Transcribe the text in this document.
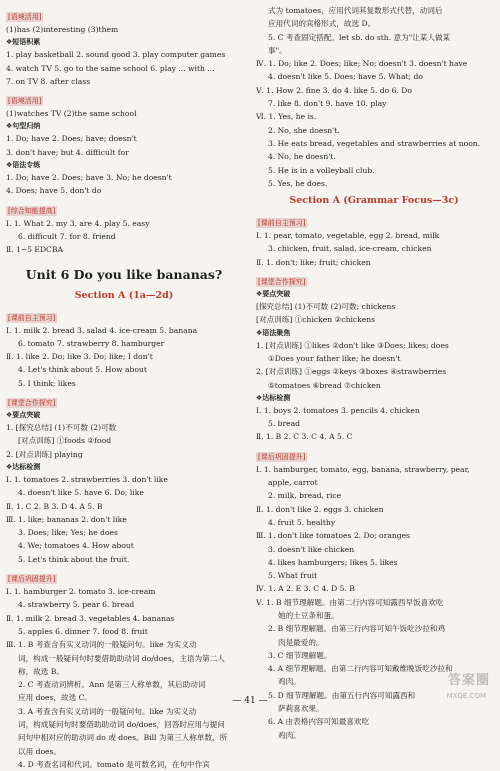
[语境活用]
(1)has (2)interesting (3)them
❖短语积累
1. play basketball 2. sound good 3. play computer games
4. watch TV 5. go to the same school 6. play ... with ...
7. on TV 8. after class
[语境活用]
(1)watches TV (2)the same school
❖句型归纳
1. Do; have 2. Does; have; doesn't
3. don't have; but 4. difficult for
❖语法专练
1. Do; have 2. Does; have 3. No; he doesn't
4. Does; have 5. don't do
[综合知能提高]
Ⅰ. 1. What 2. my 3. are 4. play 5. easy
6. difficult 7. for 8. friend
Ⅱ. 1~5 EDCBA
Unit 6 Do you like bananas?
Section A (1a—2d)
[课前自主预习]
Ⅰ. 1. milk 2. bread 3. salad 4. ice-cream 5. banana
6. tomato 7. strawberry 8. hamburger
Ⅱ. 1. like 2. Do; like 3. Do; like; I don't
4. Let's think about 5. How about
5. I think; likes
[课堂合作探究]
❖要点突破
1. [探究总结] (1)不可数 (2)可数
[对点训练] ①foods ②food
2. [对点训练] playing
❖达标检测
Ⅰ. 1. tomatoes 2. strawberries 3. don't like
4. doesn't like 5. have 6. Do; like
Ⅱ. 1. C 2. B 3. D 4. A 5. B
Ⅲ. 1. like; bananas 2. don't like
3. Does; like; Yes; he does
4. We; tomatoes 4. How about
5. Let's think about the fruit.
[课后巩固提升]
Ⅰ. 1. hamburger 2. tomato 3. ice-cream
4. strawberry 5. pear 6. bread
Ⅱ. 1. milk 2. bread 3. vegetables 4. bananas
5. apples 6. dinner 7. food 8. fruit
Ⅲ. 1. B 考查含有实义动词的一般疑问句。like 为实义动
词，构成一般疑问句时要借助助动词 do/does，主语为第二人
称，故选 B。
2. C 考查动词辨析。Ann 是第三人称单数，其后助动词
应用 does，故选 C。
3. A 考查含有实义动词的一般疑问句。like 为实义动
词，构成疑问句时要借助助动词 do/does，回答时应用与提问
问句中相对应的助动词 do 或 does。Bill 为第三人称单数，所
以用 does。
4. D 考查名词和代词。tomato 是可数名词，在句中作宾
式为 tomatoes，应用代词其复数形式代替，动词后
应用代词的宾格形式，故选 D。
5. C 考查固定搭配。let sb. do sth. 意为"让某人做某
事"。
Ⅳ. 1. Do; like 2. Does; like; No; doesn't 3. doesn't have
4. doesn't like 5. Does; have 5. What; do
Ⅴ. 1. How 2. fine 3. do 4. like 5. do 6. Do
7. like 8. don't 9. have 10. play
Ⅵ. 1. Yes, he is.
2. No, she doesn't.
3. He eats bread, vegetables and strawberries at noon.
4. No, he doesn't.
5. He is in a volleyball club.
5. Yes, he does.
Section A (Grammar Focus—3c)
[课前自主预习]
Ⅰ. 1. pear, tomato, vegetable, egg 2. bread, milk
3. chicken, fruit, salad, ice-cream, chicken
Ⅱ. 1. don't; like; fruit; chicken
[课堂合作探究]
❖要点突破
[探究总结] (1)不可数 (2)可数; chickens
[对点训练] ①chicken ②chickens
❖语法聚焦
1. [对点训练] ①likes ②don't like ③Does; likes; does
①Does your father like; he doesn't
2. [对点训练] ①eggs ②keys ③boxes ④strawberries
⑤tomatoes ⑥bread ⑦chicken
❖达标检测
Ⅰ. 1. boys 2. tomatoes 3. pencils 4. chicken
5. bread
Ⅱ. 1. B 2. C 3. C 4. A 5. C
[课后巩固提升]
Ⅰ. 1. hamburger, tomato, egg, banana, strawberry, pear,
apple, carrot
2. milk, bread, rice
Ⅱ. 1. don't like 2. eggs 3. chicken
4. fruit 5. healthy
Ⅲ. 1. don't like tomatoes 2. Do; oranges
3. doesn't like chicken
4. likes hamburgers; likes 5. likes
5. What fruit
Ⅳ. 1. A 2. E 3. C 4. D 5. B
Ⅴ. 1. B 细节理解题。由第二行内容可知露西早饭喜欢吃
她的土豆条和蛋。
2. B 细节理解题。由第三行内容可知午饭吃沙拉和鸡
肉是最爱的。
3. C 细节理解题。
4. A 细节理解题。由第二行内容可知戴维晚饭吃沙拉和
鸡肉。
5. D 细节理解题。由第五行内容可知露西和
萨莉喜欢果。
6. A 由表格内容可知最喜欢吃
鸡肉。
— 41 —
答案圈
MXQE.COM
